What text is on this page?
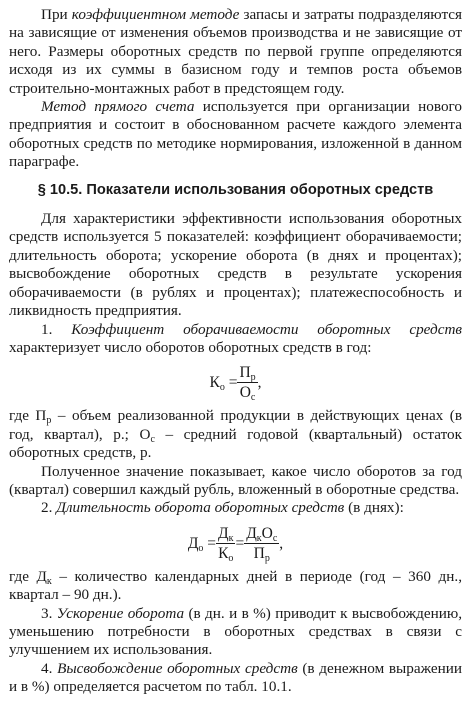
При коэффициентном методе запасы и затраты подразделяются на зависящие от изменения объемов производства и не зависящие от него. Размеры оборотных средств по первой группе определяются исходя из их суммы в базисном году и темпов роста объемов строительно-монтажных работ в предстоящем году.

Метод прямого счета используется при организации нового предприятия и состоит в обоснованном расчете каждого элемента оборотных средств по методике нормирования, изложенной в данном параграфе.

§ 10.5. Показатели использования оборотных средств

Для характеристики эффективности использования оборотных средств используется 5 показателей: коэффициент оборачиваемости; длительность оборота; ускорение оборота (в днях и процентах); высвобождение оборотных средств в результате ускорения оборачиваемости (в рублях и процентах); платежеспособность и ликвидность предприятия.

1. Коэффициент оборачиваемости оборотных средств характеризует число оборотов оборотных средств в год:

$К_о = \frac{П_р}{О_с}$ ,

где $П_р$ – объем реализованной продукции в действующих ценах (в год, квартал), р.; $О_с$ – средний годовой (квартальный) остаток оборотных средств, р.

Полученное значение показывает, какое число оборотов за год (квартал) совершил каждый рубль, вложенный в оборотные средства.

2. Длительность оборота оборотных средств (в днях):

$Д_о = \frac{Д_к}{К_о} = \frac{Д_кО_с}{П_р}$ ,

где $Д_к$ – количество календарных дней в периоде (год – 360 дн., квартал – 90 дн.).

3. Ускорение оборота (в дн. и в %) приводит к высвобождению, уменьшению потребности в оборотных средствах в связи с улучшением их использования.

4. Высвобождение оборотных средств (в денежном выражении и в %) определяется расчетом по табл. 10.1.
